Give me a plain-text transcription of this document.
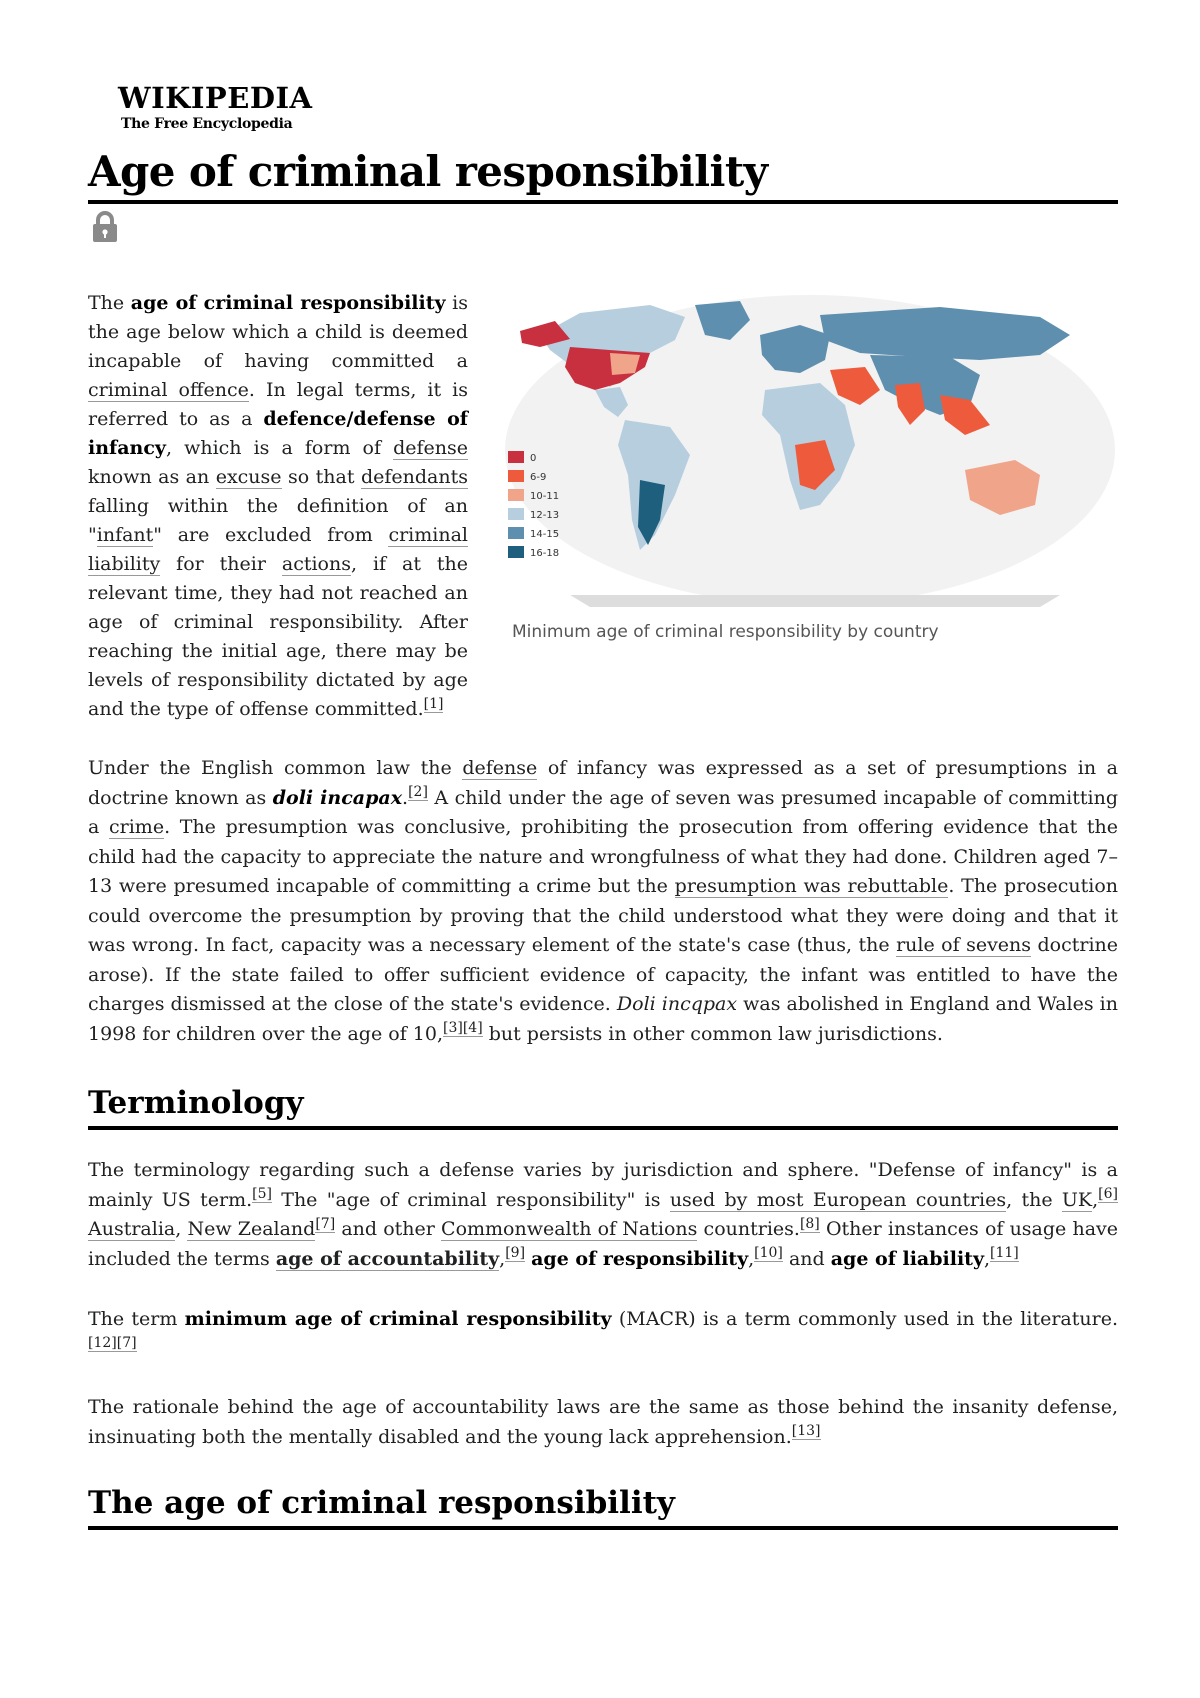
WIKIPEDIA
The Free Encyclopedia
Age of criminal responsibility

The age of criminal responsibility is the age below which a child is deemed incapable of having committed a criminal offence. In legal terms, it is referred to as a defence/defense of infancy, which is a form of defense known as an excuse so that defendants falling within the definition of an "infant" are excluded from criminal liability for their actions, if at the relevant time, they had not reached an age of criminal responsibility. After reaching the initial age, there may be levels of responsibility dictated by age and the type of offense committed.[1]

0
6-9
10-11
12-13
14-15
16-18
Minimum age of criminal responsibility by country

Under the English common law the defense of infancy was expressed as a set of presumptions in a doctrine known as doli incapax.[2] A child under the age of seven was presumed incapable of committing a crime. The presumption was conclusive, prohibiting the prosecution from offering evidence that the child had the capacity to appreciate the nature and wrongfulness of what they had done. Children aged 7–13 were presumed incapable of committing a crime but the presumption was rebuttable. The prosecution could overcome the presumption by proving that the child understood what they were doing and that it was wrong. In fact, capacity was a necessary element of the state's case (thus, the rule of sevens doctrine arose). If the state failed to offer sufficient evidence of capacity, the infant was entitled to have the charges dismissed at the close of the state's evidence. Doli incqpax was abolished in England and Wales in 1998 for children over the age of 10,[3][4] but persists in other common law jurisdictions.

Terminology

The terminology regarding such a defense varies by jurisdiction and sphere. "Defense of infancy" is a mainly US term.[5] The "age of criminal responsibility" is used by most European countries, the UK,[6] Australia, New Zealand[7] and other Commonwealth of Nations countries.[8] Other instances of usage have included the terms age of accountability,[9] age of responsibility,[10] and age of liability,[11]

The term minimum age of criminal responsibility (MACR) is a term commonly used in the literature.[12][7]

The rationale behind the age of accountability laws are the same as those behind the insanity defense, insinuating both the mentally disabled and the young lack apprehension.[13]

The age of criminal responsibility
